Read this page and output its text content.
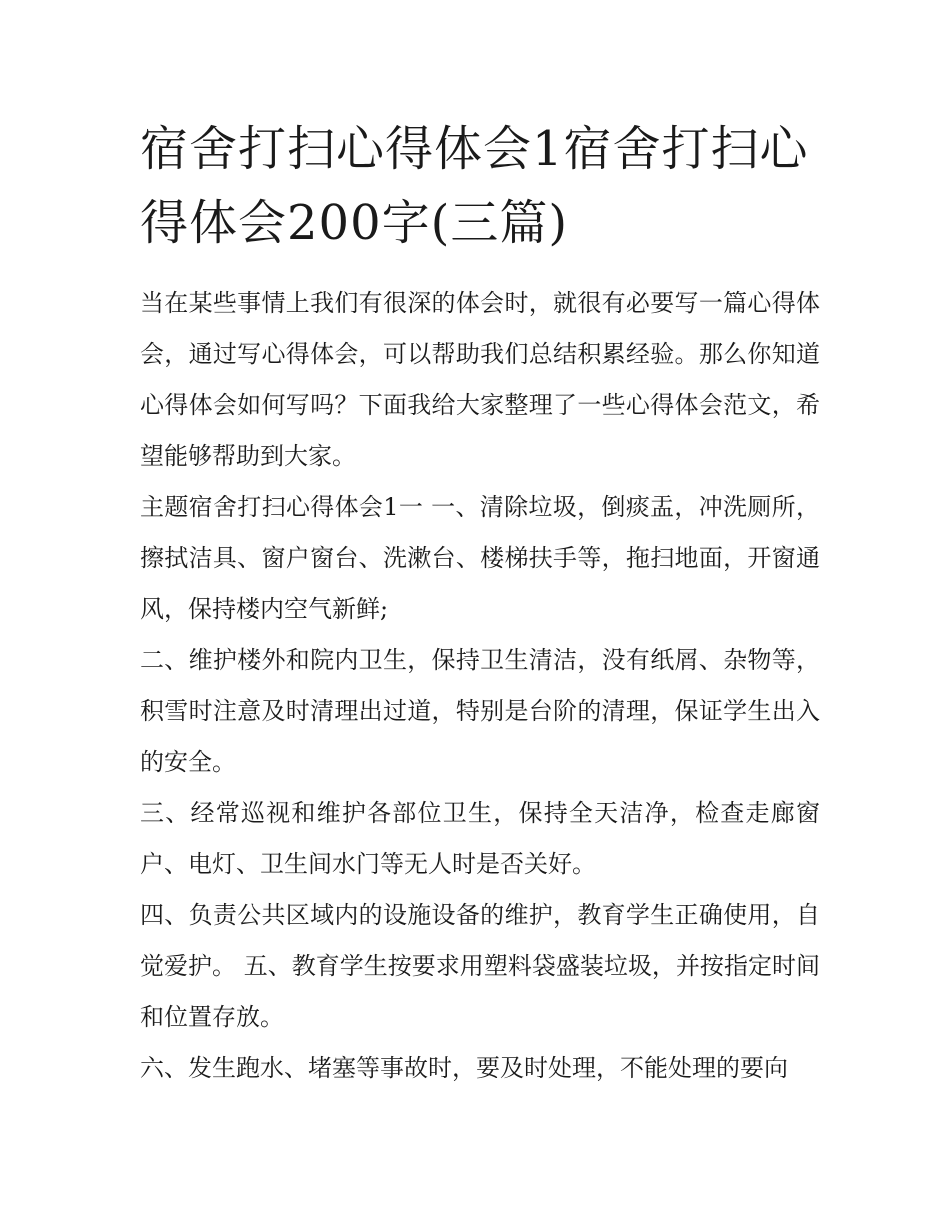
宿舍打扫心得体会1宿舍打扫心得体会200字(三篇)

当在某些事情上我们有很深的体会时，就很有必要写一篇心得体会，通过写心得体会，可以帮助我们总结积累经验。那么你知道心得体会如何写吗？下面我给大家整理了一些心得体会范文，希望能够帮助到大家。

主题宿舍打扫心得体会1一 一、清除垃圾，倒痰盂，冲洗厕所，擦拭洁具、窗户窗台、洗漱台、楼梯扶手等，拖扫地面，开窗通风，保持楼内空气新鲜;

二、维护楼外和院内卫生，保持卫生清洁，没有纸屑、杂物等，积雪时注意及时清理出过道，特别是台阶的清理，保证学生出入的安全。

三、经常巡视和维护各部位卫生，保持全天洁净，检查走廊窗户、电灯、卫生间水门等无人时是否关好。

四、负责公共区域内的设施设备的维护，教育学生正确使用，自觉爱护。 五、教育学生按要求用塑料袋盛装垃圾，并按指定时间和位置存放。

六、发生跑水、堵塞等事故时，要及时处理，不能处理的要向
